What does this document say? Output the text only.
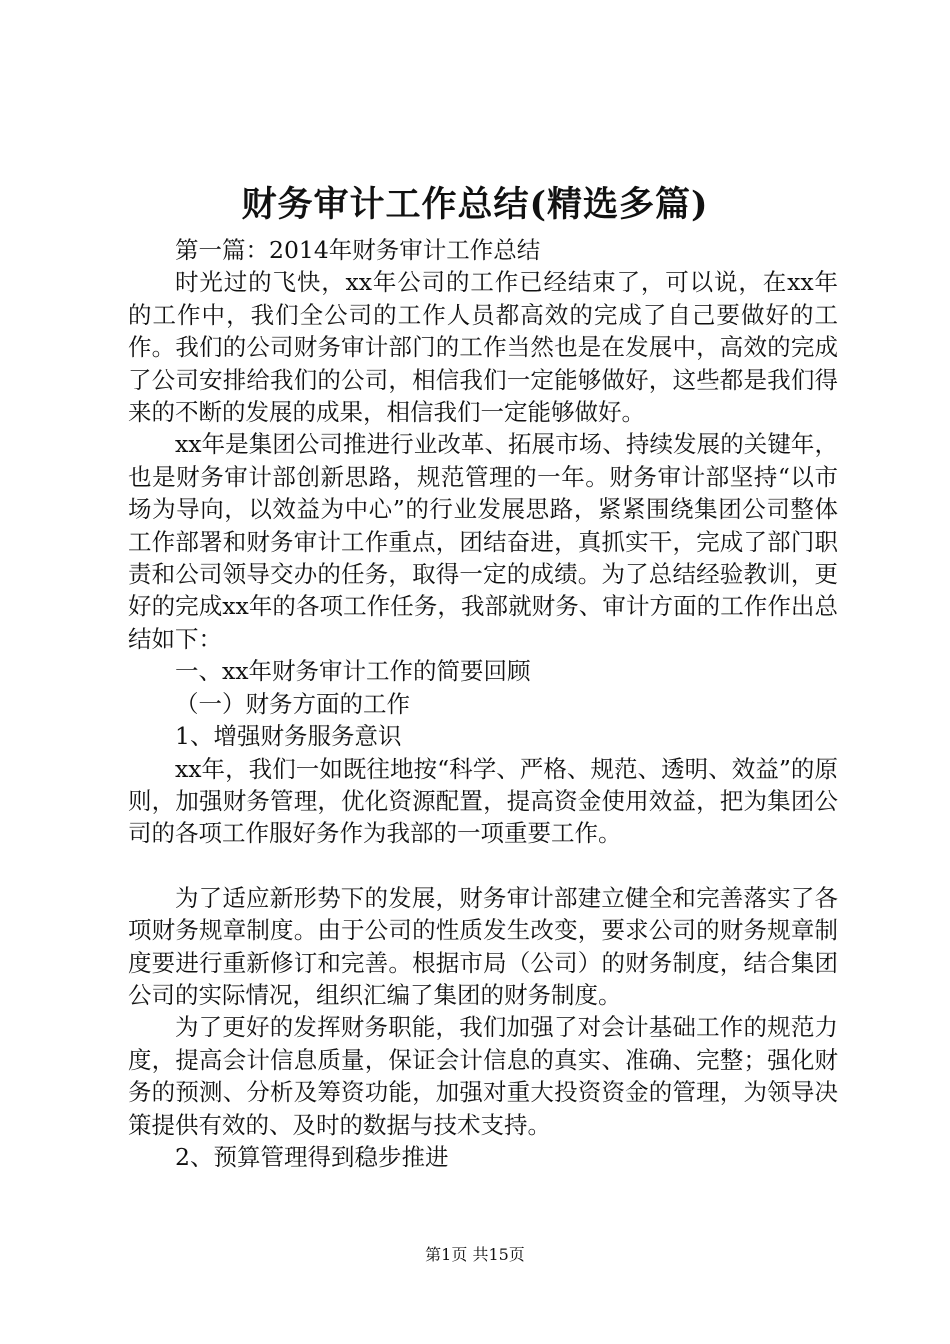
财务审计工作总结(精选多篇)

第一篇：2014年财务审计工作总结

时光过的飞快，xx年公司的工作已经结束了，可以说，在xx年的工作中，我们全公司的工作人员都高效的完成了自己要做好的工作。我们的公司财务审计部门的工作当然也是在发展中，高效的完成了公司安排给我们的公司，相信我们一定能够做好，这些都是我们得来的不断的发展的成果，相信我们一定能够做好。

xx年是集团公司推进行业改革、拓展市场、持续发展的关键年，也是财务审计部创新思路，规范管理的一年。财务审计部坚持“以市场为导向，以效益为中心”的行业发展思路，紧紧围绕集团公司整体工作部署和财务审计工作重点，团结奋进，真抓实干，完成了部门职责和公司领导交办的任务，取得一定的成绩。为了总结经验教训，更好的完成xx年的各项工作任务，我部就财务、审计方面的工作作出总结如下：

一、xx年财务审计工作的简要回顾

（一）财务方面的工作

1、增强财务服务意识

xx年，我们一如既往地按“科学、严格、规范、透明、效益”的原则，加强财务管理，优化资源配置，提高资金使用效益，把为集团公司的各项工作服好务作为我部的一项重要工作。

为了适应新形势下的发展，财务审计部建立健全和完善落实了各项财务规章制度。由于公司的性质发生改变，要求公司的财务规章制度要进行重新修订和完善。根据市局（公司）的财务制度，结合集团公司的实际情况，组织汇编了集团的财务制度。

为了更好的发挥财务职能，我们加强了对会计基础工作的规范力度，提高会计信息质量，保证会计信息的真实、准确、完整；强化财务的预测、分析及筹资功能，加强对重大投资资金的管理，为领导决策提供有效的、及时的数据与技术支持。

2、预算管理得到稳步推进

第1页 共15页
